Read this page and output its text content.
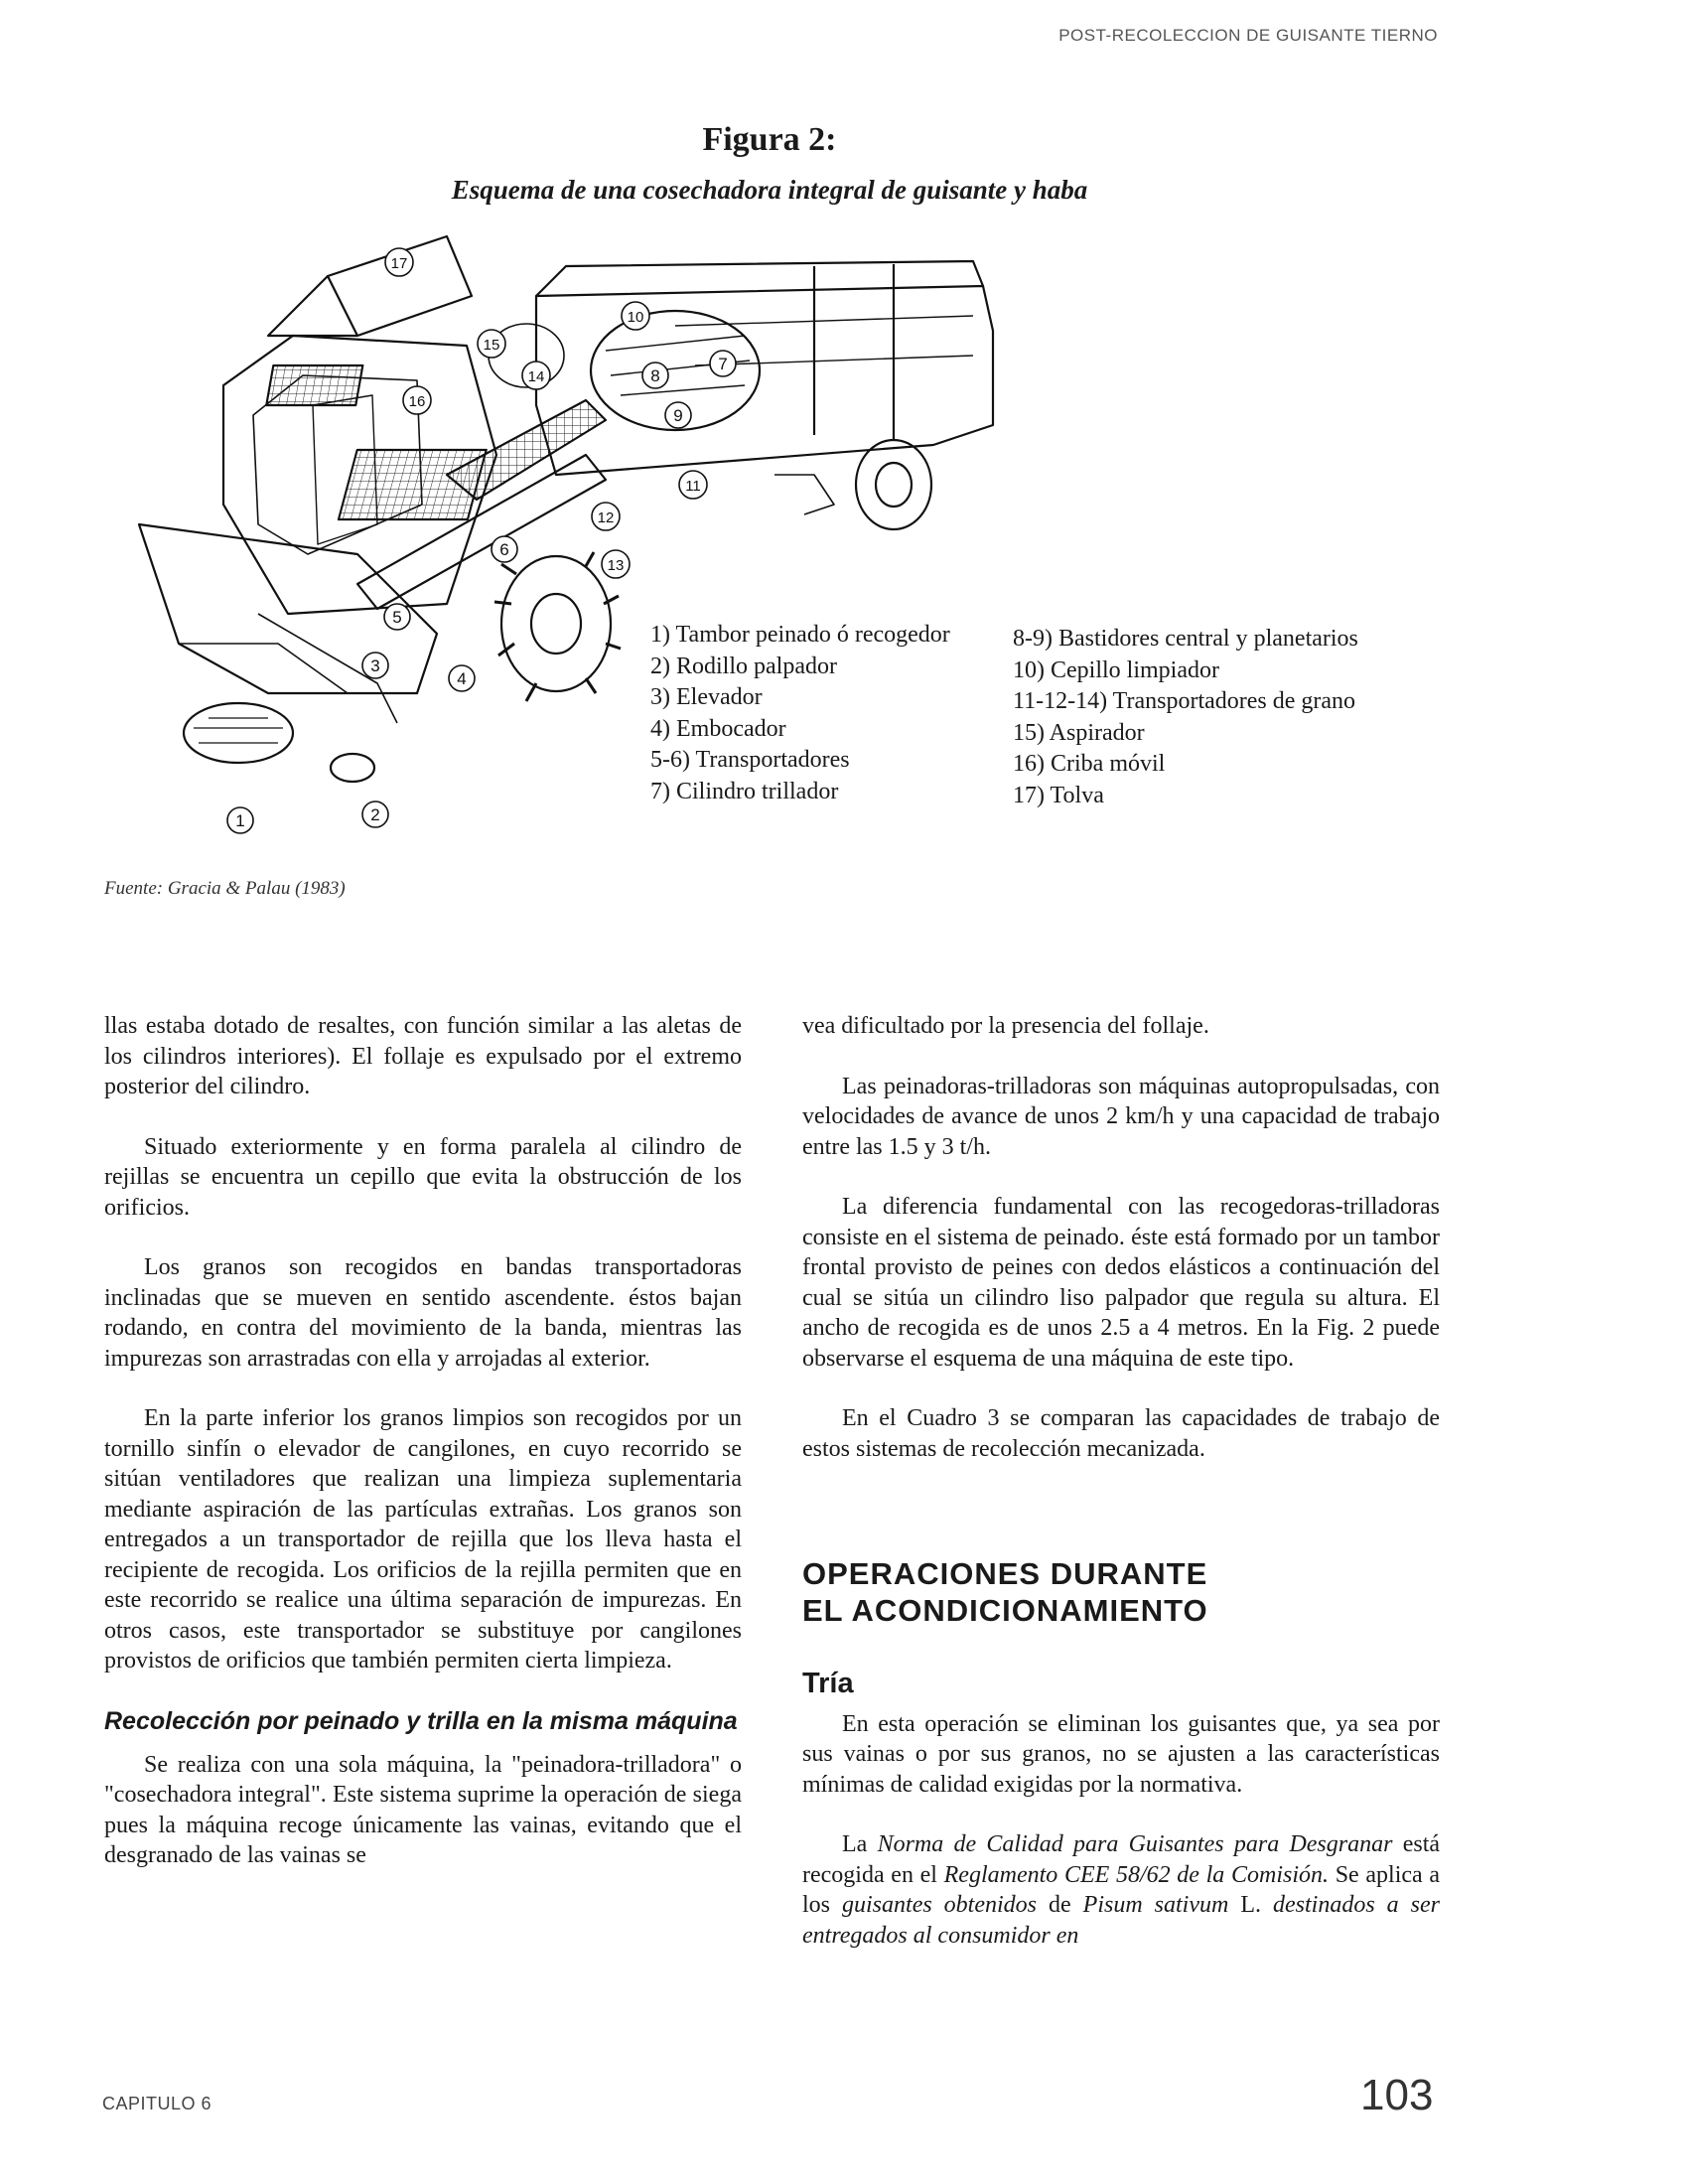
POST-RECOLECCION DE GUISANTE TIERNO
Figura 2:
Esquema de una cosechadora integral de guisante y haba
1	2
3
4
5
6
7
8
9
10
11
12
13
14
15
16
17
1) Tambor peinado ó recogedor
2) Rodillo palpador
3) Elevador
4) Embocador
5-6) Transportadores
7) Cilindro trillador
8-9) Bastidores central y planetarios
10) Cepillo limpiador
11-12-14) Transportadores de grano
15) Aspirador
16) Criba móvil
17) Tolva
Fuente: Gracia & Palau (1983)

llas estaba dotado de resaltes, con función similar a las aletas de los cilindros interiores). El follaje es expulsado por el extremo posterior del cilindro.

Situado exteriormente y en forma paralela al cilindro de rejillas se encuentra un cepillo que evita la obstrucción de los orificios.

Los granos son recogidos en bandas transportadoras inclinadas que se mueven en sentido ascendente. éstos bajan rodando, en contra del movimiento de la banda, mientras las impurezas son arrastradas con ella y arrojadas al exterior.

En la parte inferior los granos limpios son recogidos por un tornillo sinfín o elevador de cangilones, en cuyo recorrido se sitúan ventiladores que realizan una limpieza suplementaria mediante aspiración de las partículas extrañas. Los granos son entregados a un transportador de rejilla que los lleva hasta el recipiente de recogida. Los orificios de la rejilla permiten que en este recorrido se realice una última separación de impurezas. En otros casos, este transportador se substituye por cangilones provistos de orificios que también permiten cierta limpieza.

Recolección por peinado y trilla en la misma máquina

Se realiza con una sola máquina, la "peinadora-trilladora" o "cosechadora integral". Este sistema suprime la operación de siega pues la máquina recoge únicamente las vainas, evitando que el desgranado de las vainas se

vea dificultado por la presencia del follaje.

Las peinadoras-trilladoras son máquinas autopropulsadas, con velocidades de avance de unos 2 km/h y una capacidad de trabajo entre las 1.5 y 3 t/h.

La diferencia fundamental con las recogedoras-trilladoras consiste en el sistema de peinado. éste está formado por un tambor frontal provisto de peines con dedos elásticos a continuación del cual se sitúa un cilindro liso palpador que regula su altura. El ancho de recogida es de unos 2.5 a 4 metros. En la Fig. 2 puede observarse el esquema de una máquina de este tipo.

En el Cuadro 3 se comparan las capacidades de trabajo de estos sistemas de recolección mecanizada.

OPERACIONES DURANTE
EL ACONDICIONAMIENTO
Tría

En esta operación se eliminan los guisantes que, ya sea por sus vainas o por sus granos, no se ajusten a las características mínimas de calidad exigidas por la normativa.

La Norma de Calidad para Guisantes para Desgranar está recogida en el Reglamento CEE 58/62 de la Comisión. Se aplica a los guisantes obtenidos de Pisum sativum L. destinados a ser entregados al consumidor en

CAPITULO 6	103
